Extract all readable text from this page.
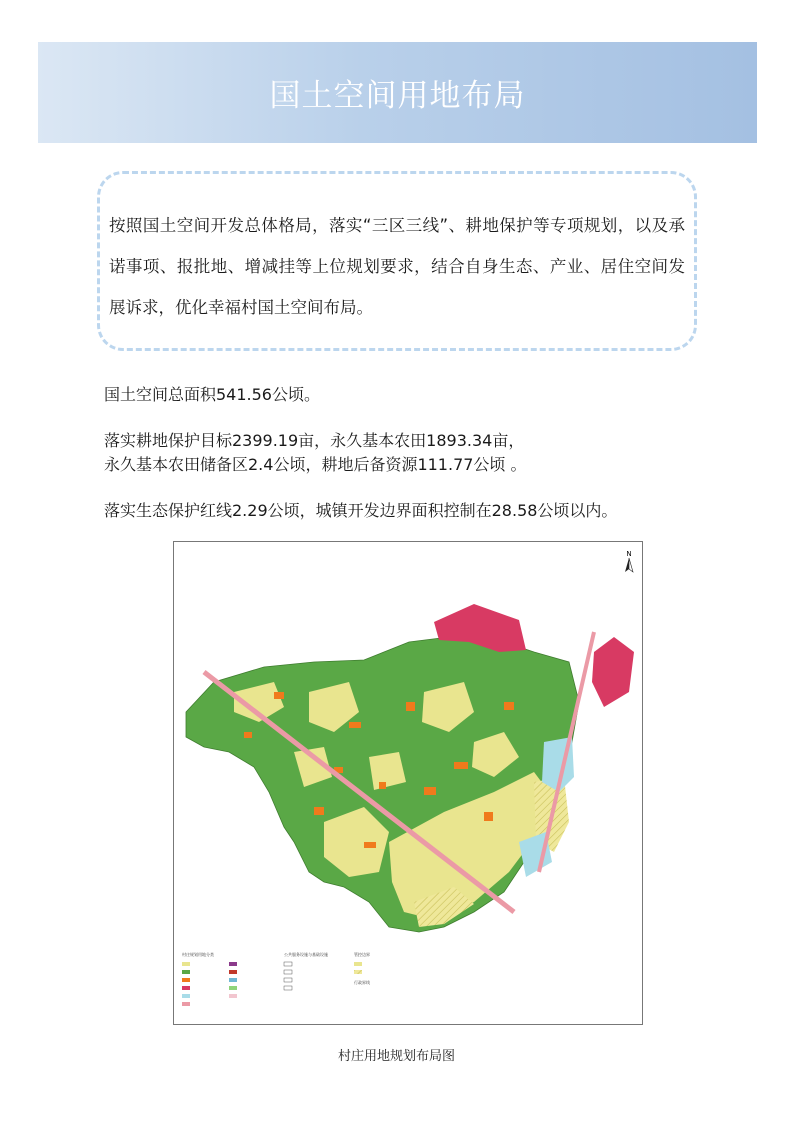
国土空间用地布局

按照国土空间开发总体格局，落实“三区三线”、耕地保护等专项规划，以及承诺事项、报批地、增减挂等上位规划要求，结合自身生态、产业、居住空间发展诉求，优化幸福村国土空间布局。

国土空间总面积541.56公顷。

落实耕地保护目标2399.19亩，永久基本农田1893.34亩，

永久基本农田储备区2.4公顷，耕地后备资源111.77公顷 。

落实生态保护红线2.29公顷，城镇开发边界面积控制在28.58公顷以内。

N
村庄规划用地分类	公共服务设施与基础设施	管控边界
行政界线
村庄用地规划布局图
